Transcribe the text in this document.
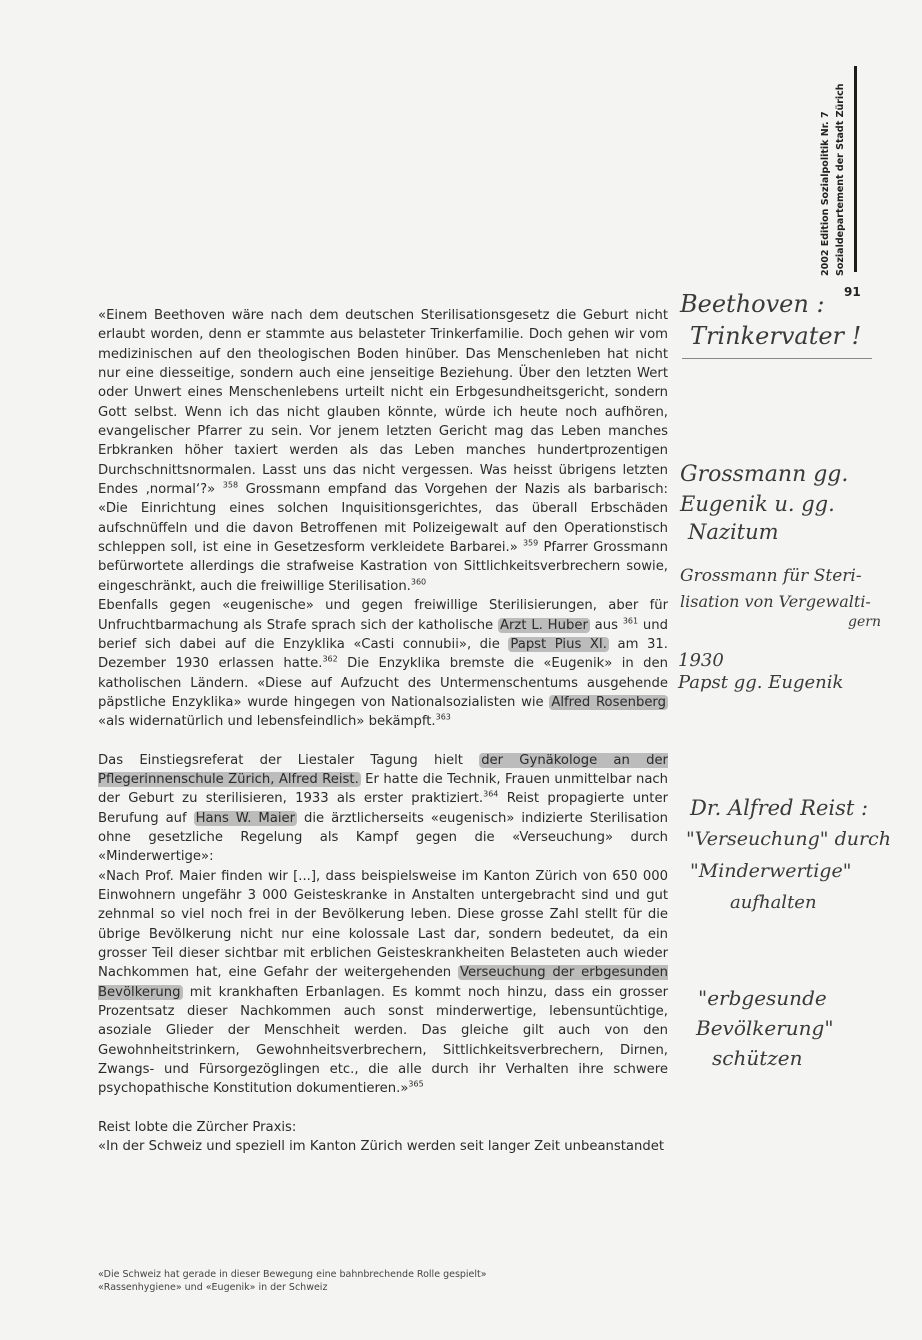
2002 Edition Sozialpolitik Nr. 7 Sozialdepartement der Stadt Zürich
91

«Einem Beethoven wäre nach dem deutschen Sterilisationsgesetz die Geburt nicht erlaubt worden, denn er stammte aus belasteter Trinkerfamilie. Doch gehen wir vom medizinischen auf den theologischen Boden hinüber. Das Menschenleben hat nicht nur eine diesseitige, sondern auch eine jenseitige Beziehung. Über den letzten Wert oder Unwert eines Menschenlebens urteilt nicht ein Erbgesundheitsgericht, sondern Gott selbst. Wenn ich das nicht glauben könnte, würde ich heute noch aufhören, evangelischer Pfarrer zu sein. Vor jenem letzten Gericht mag das Leben manches Erbkranken höher taxiert werden als das Leben manches hundertprozentigen Durchschnittsnormalen. Lasst uns das nicht vergessen. Was heisst übrigens letzten Endes ‚normal‘?» $^{358}$ Grossmann empfand das Vorgehen der Nazis als barbarisch: «Die Einrichtung eines solchen Inquisitionsgerichtes, das überall Erbschäden aufschnüffeln und die davon Betroffenen mit Polizeigewalt auf den Operationstisch schleppen soll, ist eine in Gesetzesform verkleidete Barbarei.» $^{359}$ Pfarrer Grossmann befürwortete allerdings die strafweise Kastration von Sittlichkeitsverbrechern sowie, eingeschränkt, auch die freiwillige Sterilisation.$^{360}$

Ebenfalls gegen «eugenische» und gegen freiwillige Sterilisierungen, aber für Unfruchtbarmachung als Strafe sprach sich der katholische Arzt L. Huber aus $^{361}$ und berief sich dabei auf die Enzyklika «Casti connubii», die Papst Pius XI. am 31. Dezember 1930 erlassen hatte.$^{362}$ Die Enzyklika bremste die «Eugenik» in den katholischen Ländern. «Diese auf Aufzucht des Untermenschentums ausgehende päpstliche Enzyklika» wurde hingegen von Nationalsozialisten wie Alfred Rosenberg «als widernatürlich und lebensfeindlich» bekämpft.$^{363}$

Das Einstiegsreferat der Liestaler Tagung hielt der Gynäkologe an der Pflegerinnenschule Zürich, Alfred Reist. Er hatte die Technik, Frauen unmittelbar nach der Geburt zu sterilisieren, 1933 als erster praktiziert.$^{364}$ Reist propagierte unter Berufung auf Hans W. Maier die ärztlicherseits «eugenisch» indizierte Sterilisation ohne gesetzliche Regelung als Kampf gegen die «Verseuchung» durch «Minderwertige»:

«Nach Prof. Maier finden wir [...], dass beispielsweise im Kanton Zürich von 650 000 Einwohnern ungefähr 3 000 Geisteskranke in Anstalten untergebracht sind und gut zehnmal so viel noch frei in der Bevölkerung leben. Diese grosse Zahl stellt für die übrige Bevölkerung nicht nur eine kolossale Last dar, sondern bedeutet, da ein grosser Teil dieser sichtbar mit erblichen Geisteskrankheiten Belasteten auch wieder Nachkommen hat, eine Gefahr der weitergehenden Verseuchung der erbgesunden Bevölkerung mit krankhaften Erbanlagen. Es kommt noch hinzu, dass ein grosser Prozentsatz dieser Nachkommen auch sonst minderwertige, lebensuntüchtige, asoziale Glieder der Menschheit werden. Das gleiche gilt auch von den Gewohnheitstrinkern, Gewohnheitsverbrechern, Sittlichkeitsverbrechern, Dirnen, Zwangs- und Fürsorgezöglingen etc., die alle durch ihr Verhalten ihre schwere psychopathische Konstitution dokumentieren.»$^{365}$

Reist lobte die Zürcher Praxis:

«In der Schweiz und speziell im Kanton Zürich werden seit langer Zeit unbeanstandet

«Die Schweiz hat gerade in dieser Bewegung eine bahnbrechende Rolle gespielt»
«Rassenhygiene» und «Eugenik» in der Schweiz
Beethoven :
Trinkervater !
Grossmann gg.
Eugenik u. gg.
Nazitum
Grossmann für Steri-
lisation von Vergewalti-
gern
1930
Papst gg. Eugenik
Dr. Alfred Reist :
"Verseuchung" durch
"Minderwertige"
aufhalten
"erbgesunde
Bevölkerung"
schützen
